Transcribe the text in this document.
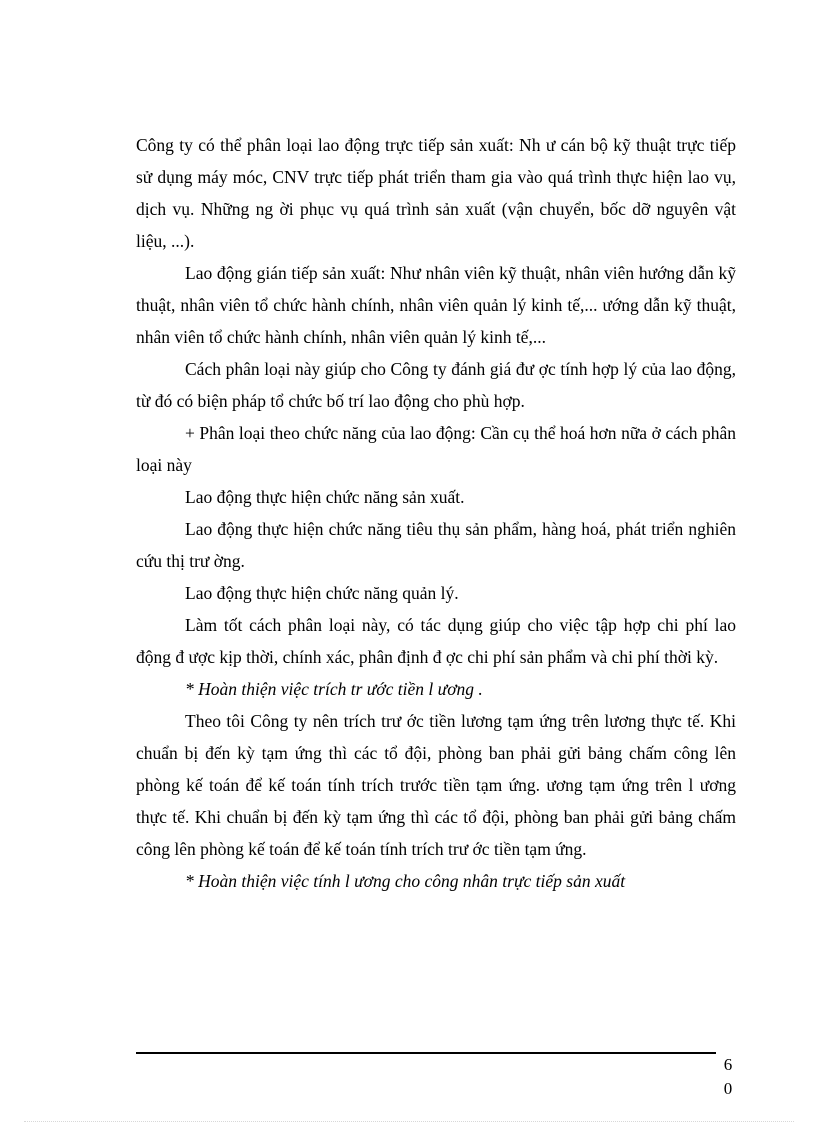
Công ty có thể phân loại lao động trực tiếp sản xuất: Nh ư cán bộ kỹ thuật trực tiếp sử dụng máy móc, CNV trực tiếp phát triển tham gia vào quá trình thực hiện lao vụ, dịch vụ. Những ng ời phục vụ quá trình sản xuất (vận chuyển, bốc dỡ nguyên vật liệu, ...).

Lao động gián tiếp sản xuất: Như nhân viên kỹ thuật, nhân viên hướng dẫn kỹ thuật, nhân viên tổ chức hành chính, nhân viên quản lý kinh tế,... ướng dẫn kỹ thuật, nhân viên tổ chức hành chính, nhân viên quản lý kinh tế,...

Cách phân loại này giúp cho Công ty đánh giá đư ợc tính hợp lý của lao động, từ đó có biện pháp tổ chức bố trí lao động cho phù hợp.

+ Phân loại theo chức năng của lao động: Cần cụ thể hoá hơn nữa ở cách phân loại này

Lao động thực hiện chức năng sản xuất.

Lao động thực hiện chức năng tiêu thụ sản phẩm, hàng hoá, phát triển nghiên cứu thị trư ờng.

Lao động thực hiện chức năng quản lý.

Làm tốt cách phân loại này, có tác dụng giúp cho việc tập hợp chi phí lao động đ ược kịp thời, chính xác, phân định đ ợc chi phí sản phẩm và chi phí thời kỳ.

* Hoàn thiện việc trích tr ước tiền l ương .

Theo tôi Công ty nên trích trư ớc tiền lương tạm ứng trên lương thực tế. Khi chuẩn bị đến kỳ tạm ứng thì các tổ đội, phòng ban phải gửi bảng chấm công lên phòng kế toán để kế toán tính trích trước tiền tạm ứng. ương tạm ứng trên l ương thực tế. Khi chuẩn bị đến kỳ tạm ứng thì các tổ đội, phòng ban phải gửi bảng chấm công lên phòng kế toán để kế toán tính trích trư ớc tiền tạm ứng.

* Hoàn thiện việc tính l ương cho công nhân trực tiếp sản xuất

6
0
